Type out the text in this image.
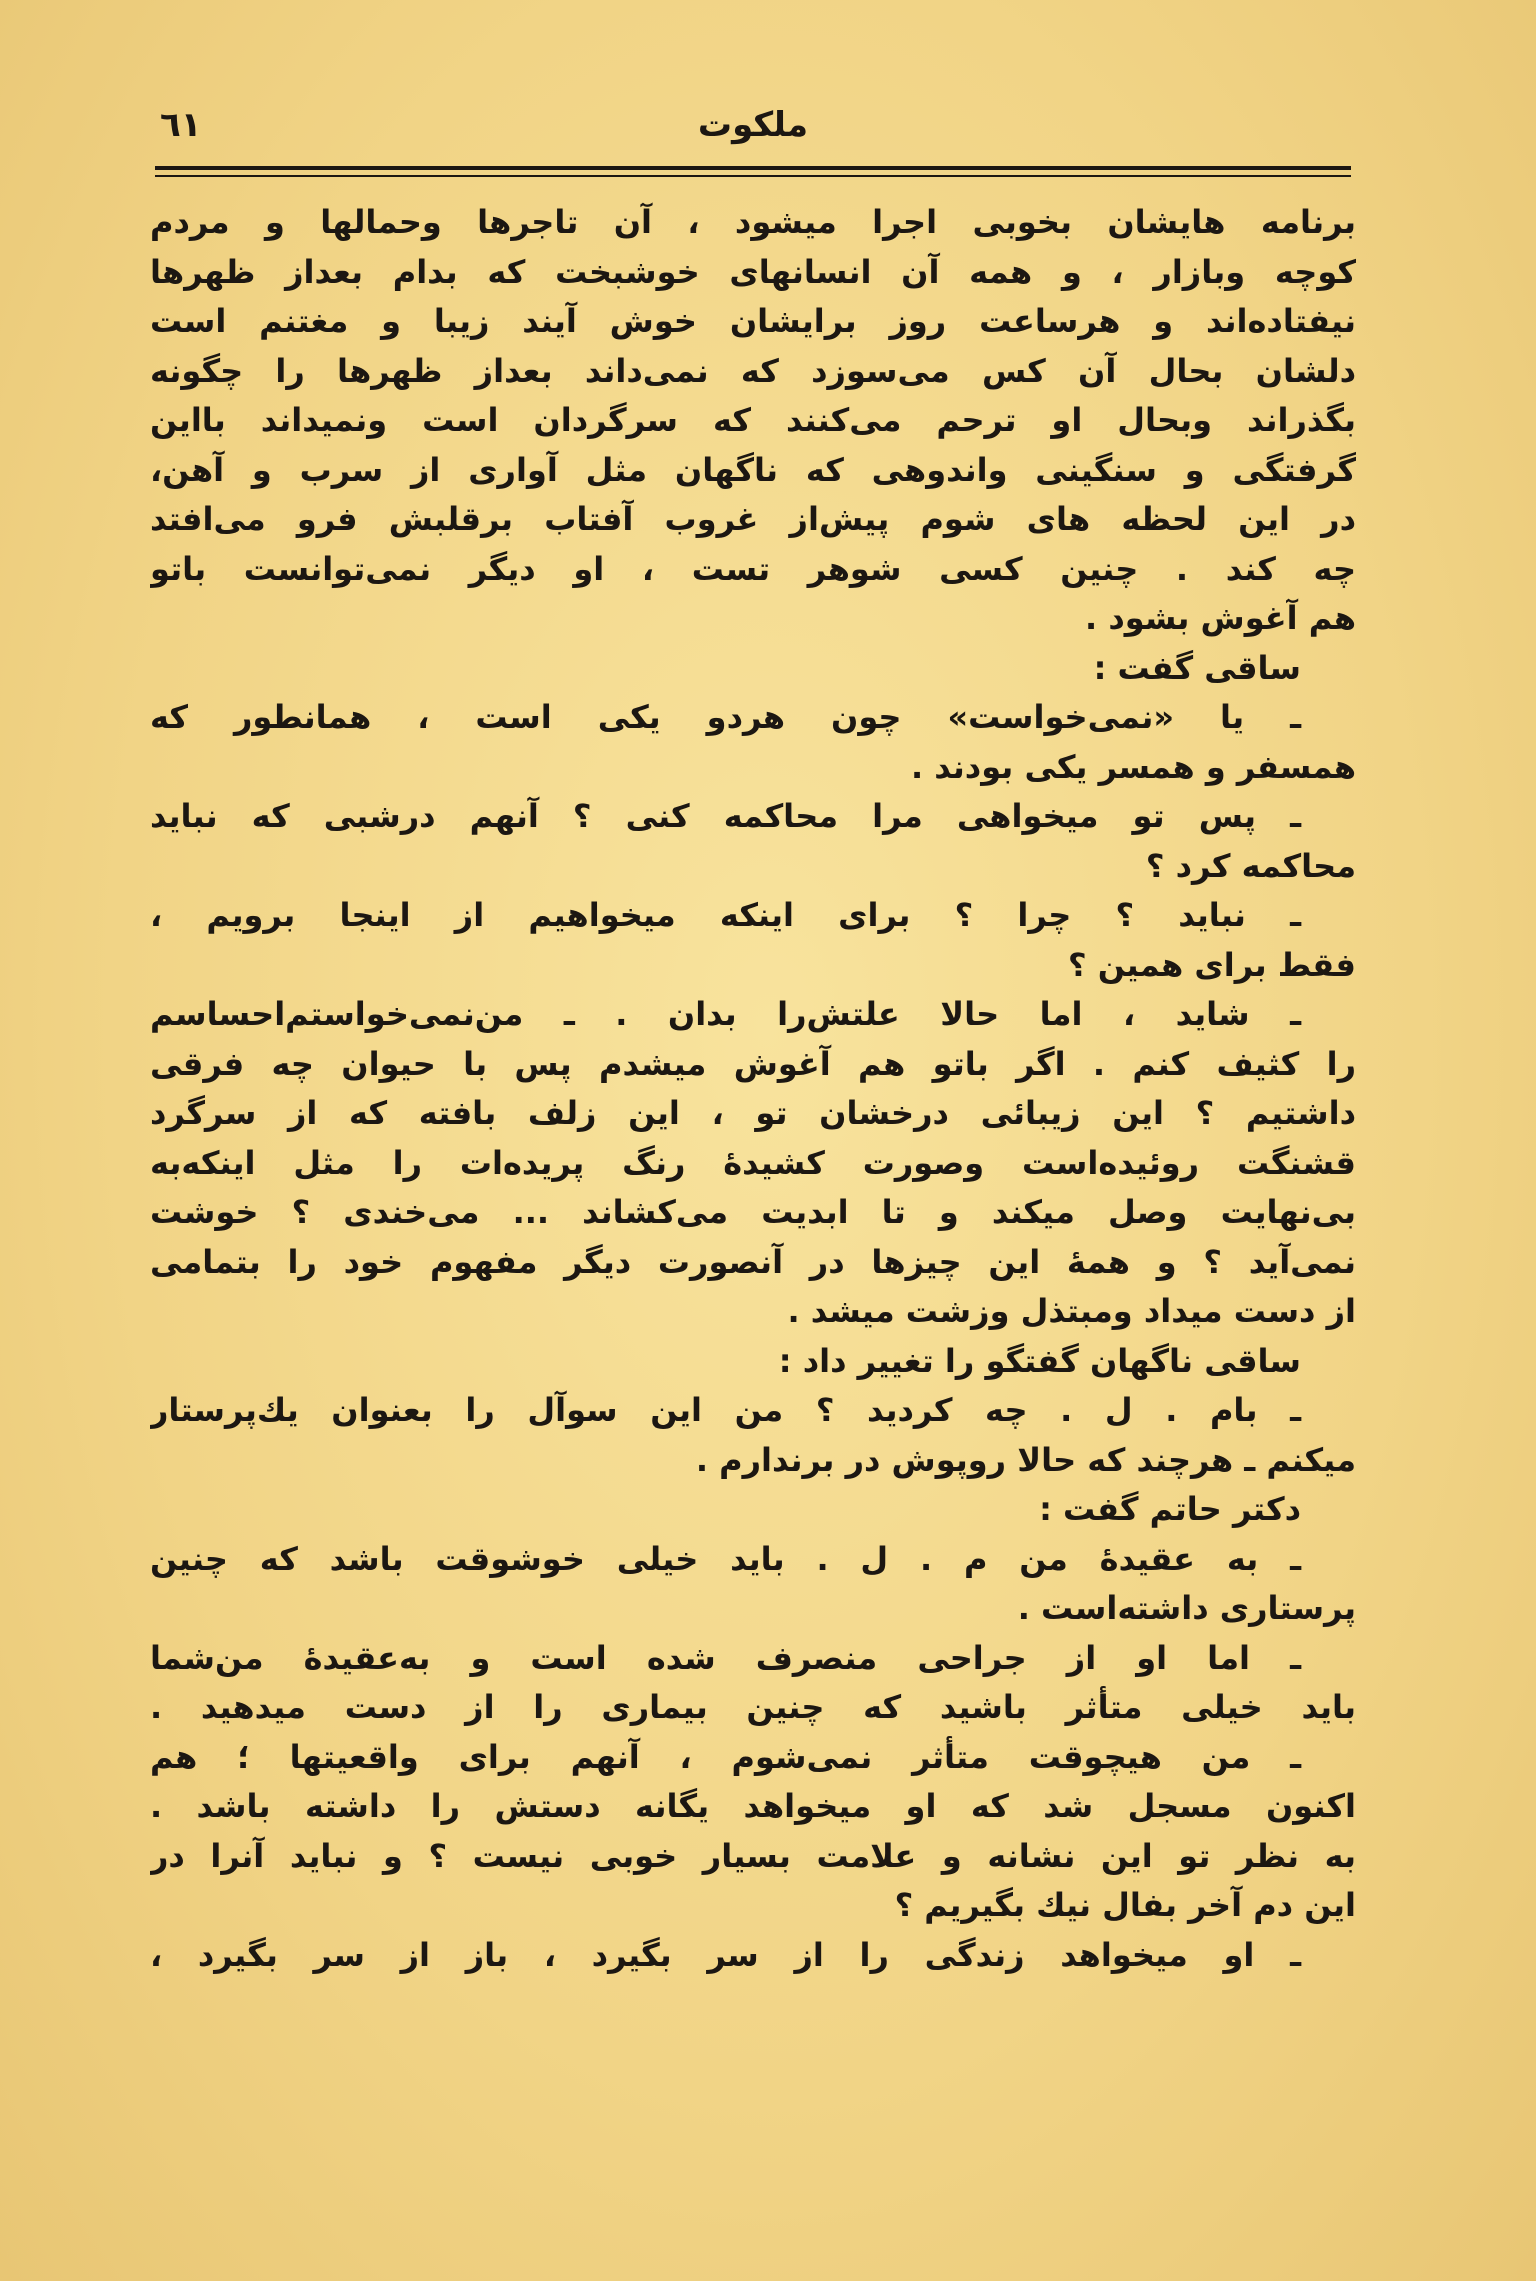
٦١	ملکوت
برنامه هایشان بخوبی اجرا میشود ، آن تاجرها وحمالها و مردم
کوچه وبازار ، و همه آن انسانهای خوشبخت که بدام بعداز ظهرها
نیفتاده‌اند و هرساعت روز برایشان خوش آیند زیبا و مغتنم است
دلشان بحال آن کس می‌سوزد که نمی‌داند بعداز ظهرها را چگونه
بگذراند وبحال او ترحم می‌کنند که سرگردان است ونمیداند بااین
گرفتگی و سنگینی واندوهی که ناگهان مثل آواری از سرب و آهن،
در این لحظه های شوم پیش‌از غروب آفتاب برقلبش فرو می‌افتد
چه کند . چنین کسی شوهر تست ، او دیگر نمی‌توانست باتو
هم آغوش بشود .
ساقی گفت :
ـ یا «نمی‌خواست» چون هردو یکی است ، همانطور که
همسفر و همسر یکی بودند .
ـ پس تو میخواهی مرا محاکمه کنی ؟ آنهم درشبی که نباید
محاکمه کرد ؟
ـ نباید ؟ چرا ؟ برای اینکه میخواهیم از اینجا برویم ،
فقط برای همین ؟
ـ شاید ، اما حالا علتش‌را بدان . ـ من‌نمی‌خواستم‌احساسم
را کثیف کنم . اگر باتو هم آغوش میشدم پس با حیوان چه فرقی
داشتیم ؟ این زیبائی درخشان تو ، این زلف بافته که از سرگرد
قشنگت روئیده‌است وصورت کشیدهٔ رنگ پریده‌ات را مثل اینکه‌به
بی‌نهایت وصل میکند و تا ابدیت می‌کشاند ... می‌خندی ؟ خوشت
نمی‌آید ؟ و همهٔ این چیزها در آنصورت دیگر مفهوم خود را بتمامی
از دست میداد ومبتذل وزشت میشد .
ساقی ناگهان گفتگو را تغییر داد :
ـ بام . ل . چه کردید ؟ من این سوآل را بعنوان یك‌پرستار
میکنم ـ هرچند که حالا روپوش در برندارم .
دکتر حاتم گفت :
ـ به عقیدهٔ من م . ل . باید خیلی خوشوقت باشد که چنین
پرستاری داشته‌است .
ـ اما او از جراحی منصرف شده است و به‌عقیدهٔ من‌شما
باید خیلی متأثر باشید که چنین بیماری را از دست میدهید .
ـ من هیچوقت متأثر نمی‌شوم ، آنهم برای واقعیتها ؛ هم
اکنون مسجل شد که او میخواهد یگانه دستش را داشته باشد .
به نظر تو این نشانه و علامت بسیار خوبی نیست ؟ و نباید آنرا در
این دم آخر بفال نیك بگیریم ؟
ـ او میخواهد زندگی را از سر بگیرد ، باز از سر بگیرد ،
